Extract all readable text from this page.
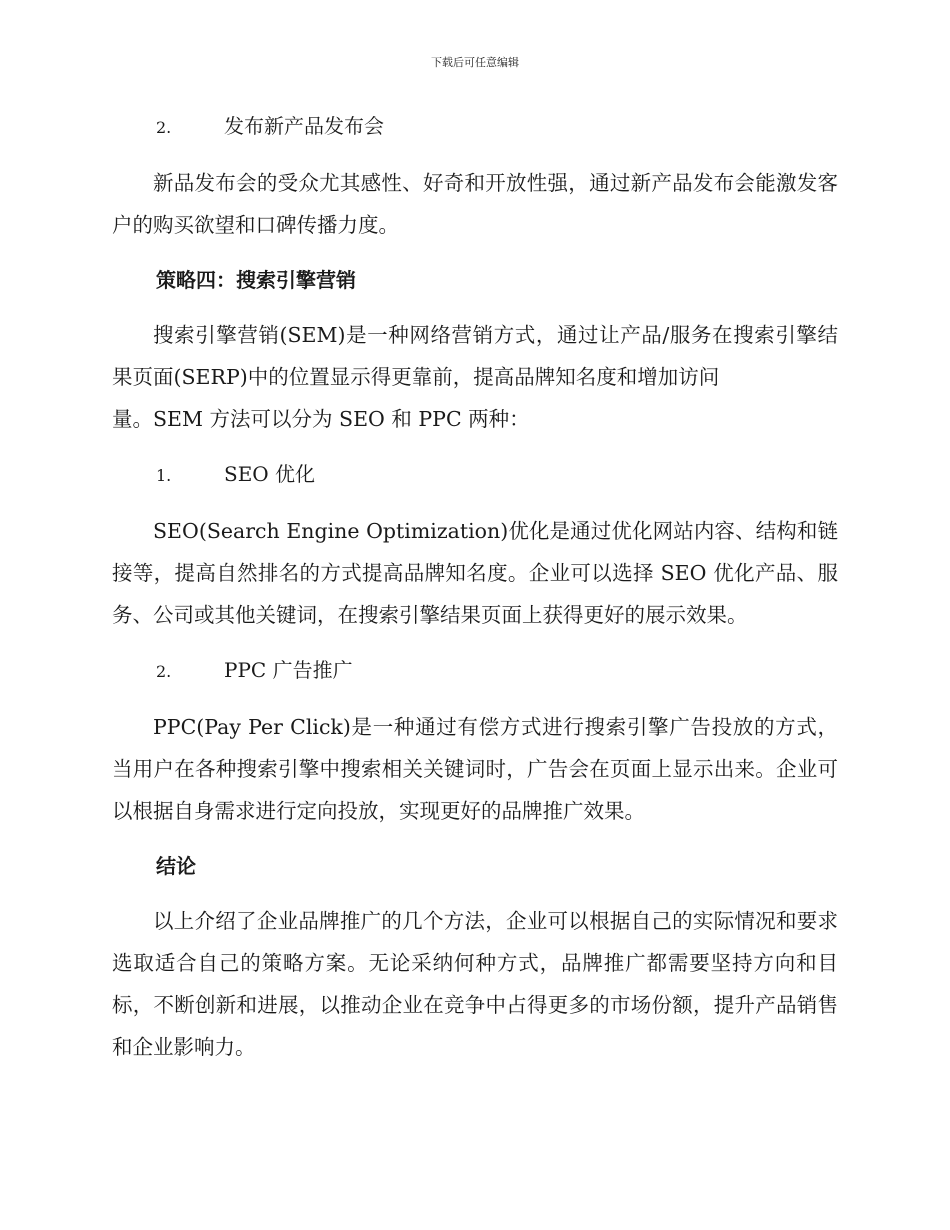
下载后可任意编辑
2.	发布新产品发布会

新品发布会的受众尤其感性、好奇和开放性强，通过新产品发布会能激发客户的购买欲望和口碑传播力度。

策略四：搜索引擎营销

搜索引擎营销(SEM)是一种网络营销方式，通过让产品/服务在搜索引擎结果页面(SERP)中的位置显示得更靠前，提高品牌知名度和增加访问
量。SEM 方法可以分为 SEO 和 PPC 两种：

1.	SEO 优化

SEO(Search Engine Optimization)优化是通过优化网站内容、结构和链接等，提高自然排名的方式提高品牌知名度。企业可以选择 SEO 优化产品、服务、公司或其他关键词，在搜索引擎结果页面上获得更好的展示效果。

2.	PPC 广告推广

PPC(Pay Per Click)是一种通过有偿方式进行搜索引擎广告投放的方式，当用户在各种搜索引擎中搜索相关关键词时，广告会在页面上显示出来。企业可以根据自身需求进行定向投放，实现更好的品牌推广效果。

结论

以上介绍了企业品牌推广的几个方法，企业可以根据自己的实际情况和要求选取适合自己的策略方案。无论采纳何种方式，品牌推广都需要坚持方向和目标，不断创新和进展，以推动企业在竞争中占得更多的市场份额，提升产品销售和企业影响力。
